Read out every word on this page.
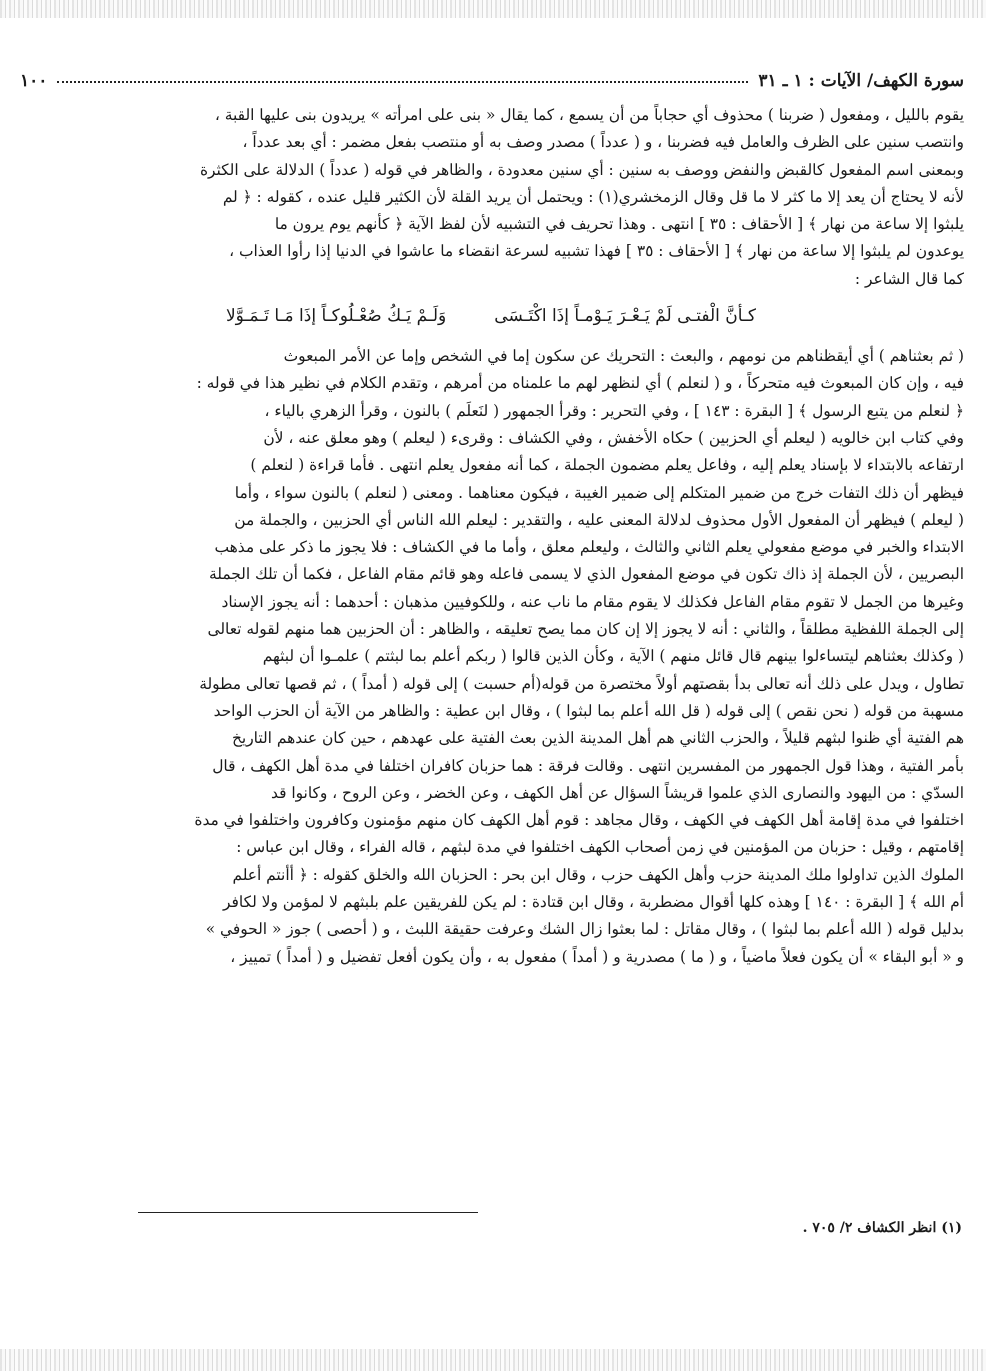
سورة الكهف/ الآيات : ١ ـ ٣١
١٠٠

يقوم بالليل ، ومفعول ( ضربنا ) محذوف أي حجاباً من أن يسمع ، كما يقال « بنى على امرأته » يريدون بنى عليها القبة ،
وانتصب سنين على الظرف والعامل فيه فضربنا ، و ( عدداً ) مصدر وصف به أو منتصب بفعل مضمر : أي بعد عدداً ،
وبمعنى اسم المفعول كالقبض والنفض ووصف به سنين : أي سنين معدودة ، والظاهر في قوله ( عدداً ) الدلالة على الكثرة
لأنه لا يحتاج أن يعد إلا ما كثر لا ما قل وقال الزمخشري(١) : ويحتمل أن يريد القلة لأن الكثير قليل عنده ، كقوله : ﴿ لم
يلبثوا إلا ساعة من نهار ﴾ [ الأحقاف : ٣٥ ] انتهى . وهذا تحريف في التشبيه لأن لفظ الآية ﴿ كأنهم يوم يرون ما
يوعدون لم يلبثوا إلا ساعة من نهار ﴾ [ الأحقاف : ٣٥ ] فهذا تشبيه لسرعة انقضاء ما عاشوا في الدنيا إذا رأوا العذاب ،
كما قال الشاعر :

كـأنَّ الْفتـى لَمْ يَـعْـرَ يَـوْمـاً إذَا اكْتَـسَى
وَلَـمْ يَـكُ صُعْـلُوكـاً إذَا مَـا تَـمَـوَّلا

( ثم بعثناهم ) أي أيقظناهم من نومهم ، والبعث : التحريك عن سكون إما في الشخص وإما عن الأمر المبعوث
فيه ، وإن كان المبعوث فيه متحركاً ، و ( لنعلم ) أي لنظهر لهم ما علمناه من أمرهم ، وتقدم الكلام في نظير هذا في قوله :
﴿ لنعلم من يتبع الرسول ﴾ [ البقرة : ١٤٣ ] ، وفي التحرير : وقرأ الجمهور ( لنَعلَم ) بالنون ، وقرأ الزهري بالياء ،
وفي كتاب ابن خالويه ( ليعلم أي الحزبين ) حكاه الأخفش ، وفي الكشاف : وقرىء ( ليعلم ) وهو معلق عنه ، لأن
ارتفاعه بالابتداء لا بإسناد يعلم إليه ، وفاعل يعلم مضمون الجملة ، كما أنه مفعول يعلم انتهى . فأما قراءة ( لنعلم )
فيظهر أن ذلك التفات خرج من ضمير المتكلم إلى ضمير الغيبة ، فيكون معناهما . ومعنى ( لنعلم ) بالنون سواء ، وأما
( ليعلم ) فيظهر أن المفعول الأول محذوف لدلالة المعنى عليه ، والتقدير : ليعلم الله الناس أي الحزبين ، والجملة من
الابتداء والخبر في موضع مفعولي يعلم الثاني والثالث ، وليعلم معلق ، وأما ما في الكشاف : فلا يجوز ما ذكر على مذهب
البصريين ، لأن الجملة إذ ذاك تكون في موضع المفعول الذي لا يسمى فاعله وهو قائم مقام الفاعل ، فكما أن تلك الجملة
وغيرها من الجمل لا تقوم مقام الفاعل فكذلك لا يقوم مقام ما ناب عنه ، وللكوفيين مذهبان : أحدهما : أنه يجوز الإسناد
إلى الجملة اللفظية مطلقاً ، والثاني : أنه لا يجوز إلا إن كان مما يصح تعليقه ، والظاهر : أن الحزبين هما منهم لقوله تعالى
( وكذلك بعثناهم ليتساءلوا بينهم قال قائل منهم ) الآية ، وكأن الذين قالوا ( ربكم أعلم بما لبثتم ) علمـوا أن لبثهم
تطاول ، ويدل على ذلك أنه تعالى بدأ بقصتهم أولاً مختصرة من قوله(أم حسبت ) إلى قوله ( أمداً ) ، ثم قصها تعالى مطولة
مسهبة من قوله ( نحن نقص ) إلى قوله ( قل الله أعلم بما لبثوا ) ، وقال ابن عطية : والظاهر من الآية أن الحزب الواحد
هم الفتية أي ظنوا لبثهم قليلاً ، والحزب الثاني هم أهل المدينة الذين بعث الفتية على عهدهم ، حين كان عندهم التاريخ
بأمر الفتية ، وهذا قول الجمهور من المفسرين انتهى . وقالت فرقة : هما حزبان كافران اختلفا في مدة أهل الكهف ، قال
السدّي : من اليهود والنصارى الذي علموا قريشاً السؤال عن أهل الكهف ، وعن الخضر ، وعن الروح ، وكانوا قد
اختلفوا في مدة إقامة أهل الكهف في الكهف ، وقال مجاهد : قوم أهل الكهف كان منهم مؤمنون وكافرون واختلفوا في مدة
إقامتهم ، وقيل : حزبان من المؤمنين في زمن أصحاب الكهف اختلفوا في مدة لبثهم ، قاله الفراء ، وقال ابن عباس :
الملوك الذين تداولوا ملك المدينة حزب وأهل الكهف حزب ، وقال ابن بحر : الحزبان الله والخلق كقوله : ﴿ أأنتم أعلم
أم الله ﴾ [ البقرة : ١٤٠ ] وهذه كلها أقوال مضطربة ، وقال ابن قتادة : لم يكن للفريقين علم بلبثهم لا لمؤمن ولا لكافر
بدليل قوله ( الله أعلم بما لبثوا ) ، وقال مقاتل : لما بعثوا زال الشك وعرفت حقيقة اللبث ، و ( أحصى ) جوز « الحوفي »
و « أبو البقاء » أن يكون فعلاً ماضياً ، و ( ما ) مصدرية و ( أمداً ) مفعول به ، وأن يكون أفعل تفضيل و ( أمداً ) تمييز ،

(١) انظر الكشاف ٢/ ٧٠٥ .
